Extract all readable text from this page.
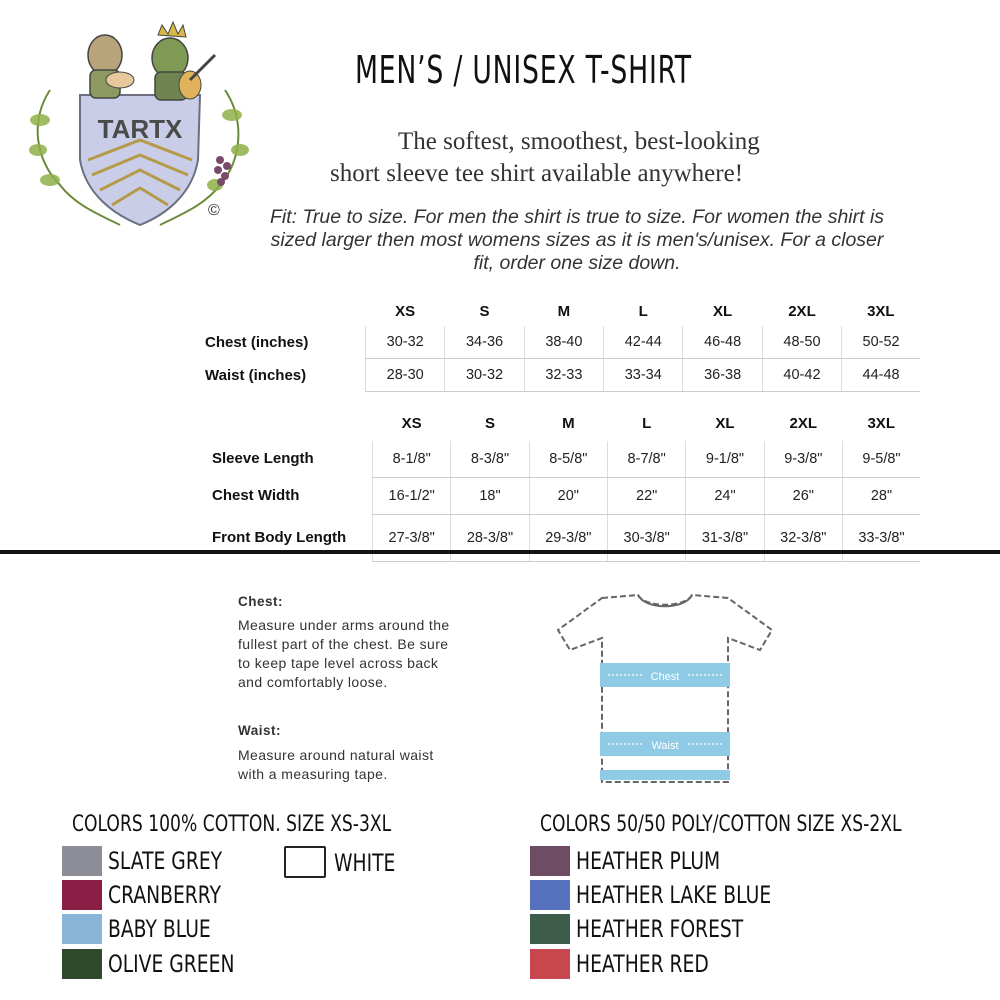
TARTX
©
MEN’S / UNISEX T-SHIRT
The softest, smoothest, best-looking
short sleeve tee shirt available anywhere!
Fit: True to size. For men the shirt is true to size. For women the shirt is sized larger then most womens sizes as it is men's/unisex. For a closer fit, order one size down.
	XS	S	M	L	XL	2XL	3XL
Chest (inches)	30-32	34-36	38-40	42-44	46-48	48-50	50-52
Waist (inches)	28-30	30-32	32-33	33-34	36-38	40-42	44-48
	XS	S	M	L	XL	2XL	3XL
Sleeve Length	8-1/8"	8-3/8"	8-5/8"	8-7/8"	9-1/8"	9-3/8"	9-5/8"
Chest Width	16-1/2"	18"	20"	22"	24"	26"	28"
Front Body Length	27-3/8"	28-3/8"	29-3/8"	30-3/8"	31-3/8"	32-3/8"	33-3/8"
Chest:
Measure under arms around the
fullest part of the chest. Be sure
to keep tape level across back
and comfortably loose.
Waist:
Measure around natural waist
with a measuring tape.
Chest
Waist
COLORS 100% COTTON. SIZE XS-3XL
SLATE GREY
CRANBERRY
BABY BLUE
OLIVE GREEN
WHITE
COLORS 50/50 POLY/COTTON SIZE XS-2XL
HEATHER PLUM
HEATHER LAKE BLUE
HEATHER FOREST
HEATHER RED
